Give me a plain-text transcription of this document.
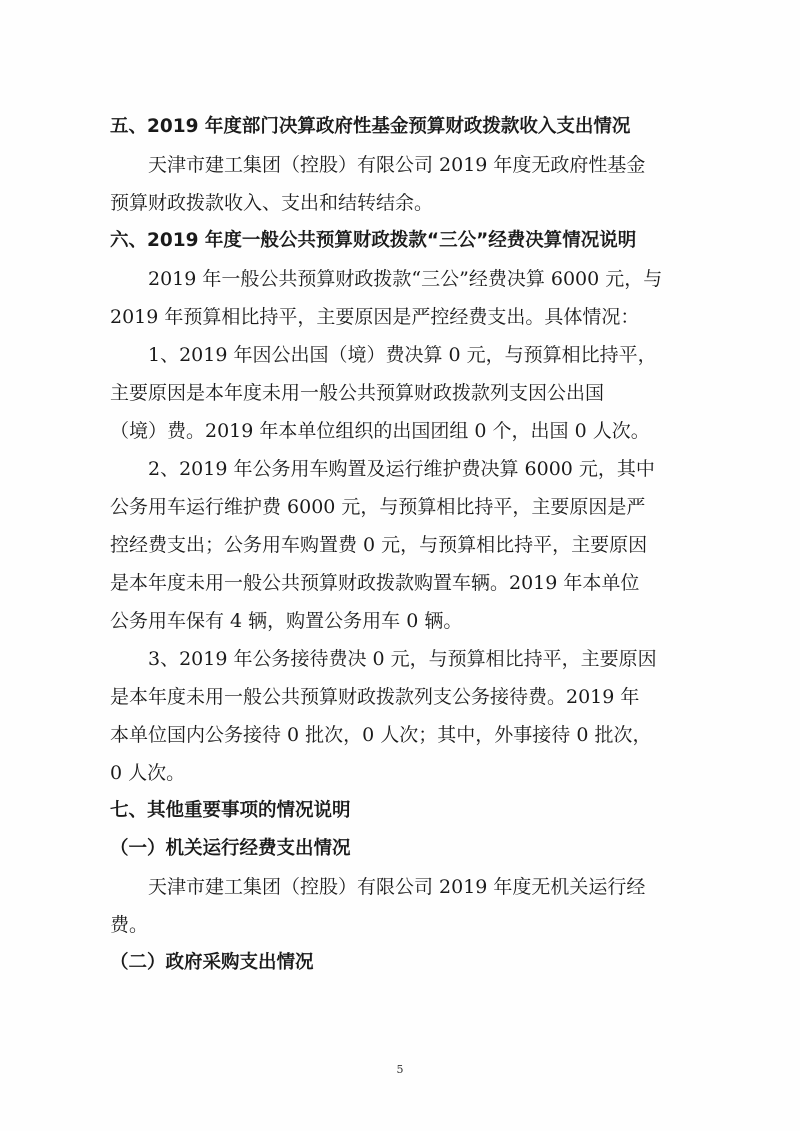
五、2019 年度部门决算政府性基金预算财政拨款收入支出情况
天津市建工集团（控股）有限公司 2019 年度无政府性基金
预算财政拨款收入、支出和结转结余。
六、2019 年度一般公共预算财政拨款“三公”经费决算情况说明
2019 年一般公共预算财政拨款“三公”经费决算 6000 元，与
2019 年预算相比持平，主要原因是严控经费支出。具体情况：
1、2019 年因公出国（境）费决算 0 元，与预算相比持平，
主要原因是本年度未用一般公共预算财政拨款列支因公出国
（境）费。2019 年本单位组织的出国团组 0 个，出国 0 人次。
2、2019 年公务用车购置及运行维护费决算 6000 元，其中
公务用车运行维护费 6000 元，与预算相比持平，主要原因是严
控经费支出；公务用车购置费 0 元，与预算相比持平，主要原因
是本年度未用一般公共预算财政拨款购置车辆。2019 年本单位
公务用车保有 4 辆，购置公务用车 0 辆。
3、2019 年公务接待费决 0 元，与预算相比持平，主要原因
是本年度未用一般公共预算财政拨款列支公务接待费。2019 年
本单位国内公务接待 0 批次，0 人次；其中，外事接待 0 批次，
0 人次。
七、其他重要事项的情况说明
（一）机关运行经费支出情况
天津市建工集团（控股）有限公司 2019 年度无机关运行经
费。
（二）政府采购支出情况
5
